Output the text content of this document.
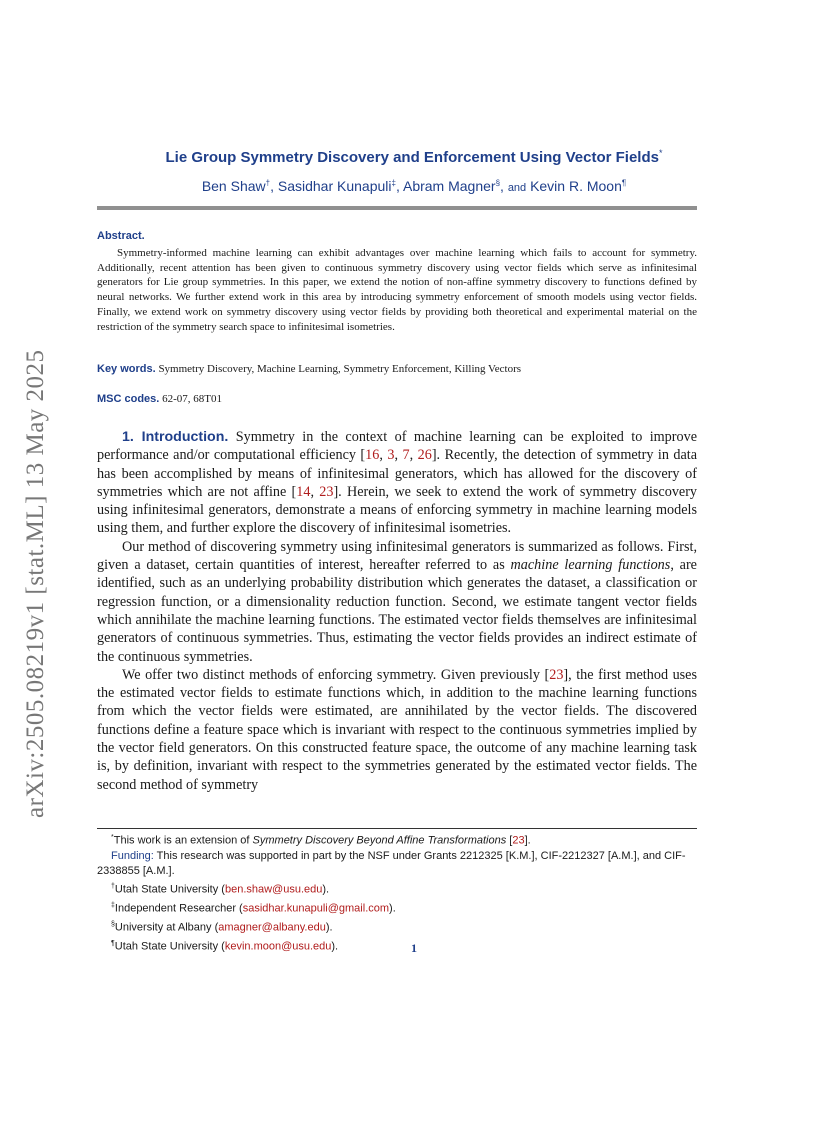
arXiv:2505.08219v1 [stat.ML] 13 May 2025
Lie Group Symmetry Discovery and Enforcement Using Vector Fields*
Ben Shaw†, Sasidhar Kunapuli‡, Abram Magner§, and Kevin R. Moon¶
Abstract.
Symmetry-informed machine learning can exhibit advantages over machine learning which fails to account for symmetry. Additionally, recent attention has been given to continuous symmetry discovery using vector fields which serve as infinitesimal generators for Lie group symmetries. In this paper, we extend the notion of non-affine symmetry discovery to functions defined by neural networks. We further extend work in this area by introducing symmetry enforcement of smooth models using vector fields. Finally, we extend work on symmetry discovery using vector fields by providing both theoretical and experimental material on the restriction of the symmetry search space to infinitesimal isometries.
Key words. Symmetry Discovery, Machine Learning, Symmetry Enforcement, Killing Vectors
MSC codes. 62-07, 68T01

1. Introduction. Symmetry in the context of machine learning can be exploited to improve performance and/or computational efficiency [16, 3, 7, 26]. Recently, the detection of symmetry in data has been accomplished by means of infinitesimal generators, which has allowed for the discovery of symmetries which are not affine [14, 23]. Herein, we seek to extend the work of symmetry discovery using infinitesimal generators, demonstrate a means of enforcing symmetry in machine learning models using them, and further explore the discovery of infinitesimal isometries.

Our method of discovering symmetry using infinitesimal generators is summarized as follows. First, given a dataset, certain quantities of interest, hereafter referred to as machine learning functions, are identified, such as an underlying probability distribution which generates the dataset, a classification or regression function, or a dimensionality reduction function. Second, we estimate tangent vector fields which annihilate the machine learning functions. The estimated vector fields themselves are infinitesimal generators of continuous symmetries. Thus, estimating the vector fields provides an indirect estimate of the continuous symmetries.

We offer two distinct methods of enforcing symmetry. Given previously [23], the first method uses the estimated vector fields to estimate functions which, in addition to the machine learning functions from which the vector fields were estimated, are annihilated by the vector fields. The discovered functions define a feature space which is invariant with respect to the continuous symmetries implied by the vector field generators. On this constructed feature space, the outcome of any machine learning task is, by definition, invariant with respect to the symmetries generated by the estimated vector fields. The second method of symmetry

*This work is an extension of Symmetry Discovery Beyond Affine Transformations [23].

Funding: This research was supported in part by the NSF under Grants 2212325 [K.M.], CIF-2212327 [A.M.], and CIF-2338855 [A.M.].

†Utah State University (ben.shaw@usu.edu).

‡Independent Researcher (sasidhar.kunapuli@gmail.com).

§University at Albany (amagner@albany.edu).

¶Utah State University (kevin.moon@usu.edu).	1
